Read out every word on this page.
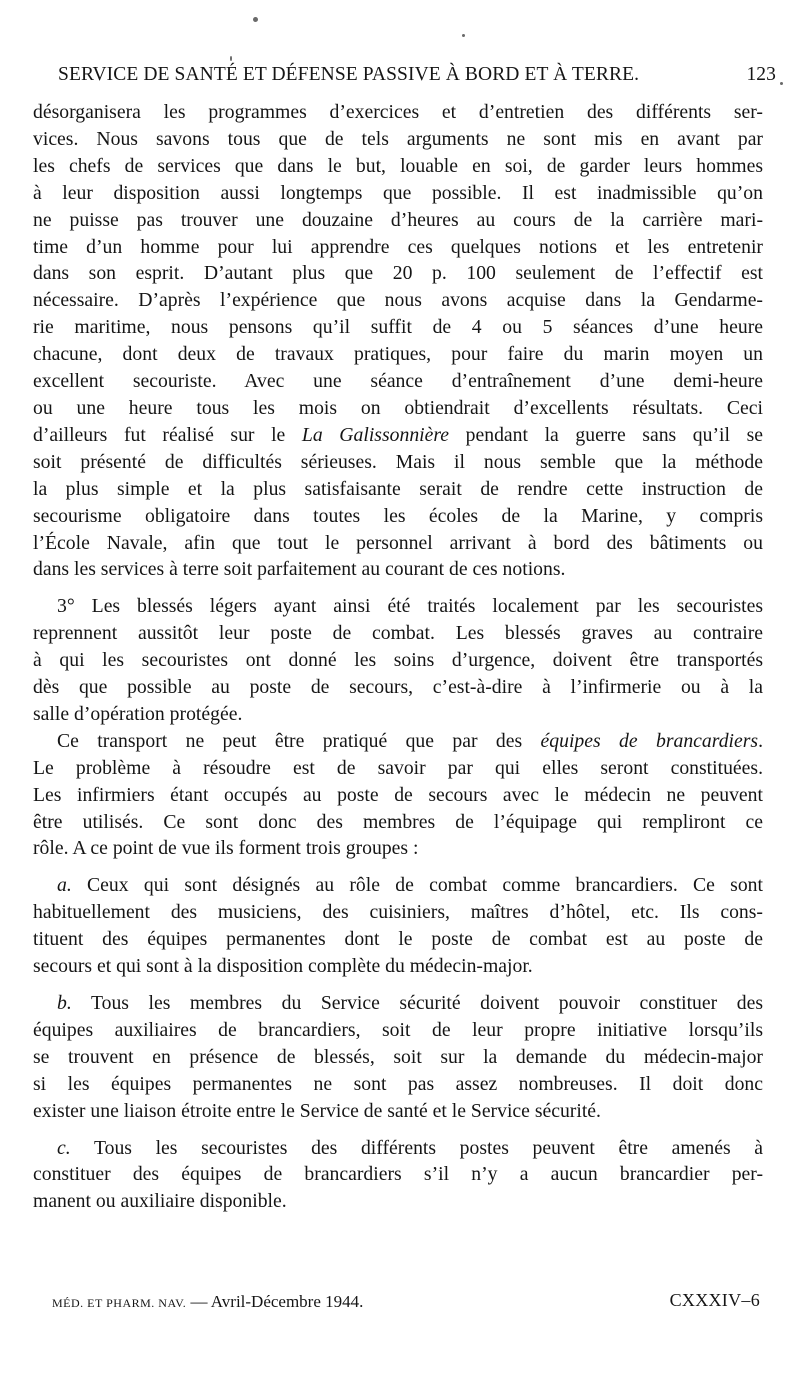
SERVICE DE SANTÉ ET DÉFENSE PASSIVE À BORD ET À TERRE.	123

désorganisera les programmes d’exercices et d’entretien des différents ser-

vices. Nous savons tous que de tels arguments ne sont mis en avant par

les chefs de services que dans le but, louable en soi, de garder leurs hommes

à leur disposition aussi longtemps que possible. Il est inadmissible qu’on

ne puisse pas trouver une douzaine d’heures au cours de la carrière mari-

time d’un homme pour lui apprendre ces quelques notions et les entretenir

dans son esprit. D’autant plus que 20 p. 100 seulement de l’effectif est

nécessaire. D’après l’expérience que nous avons acquise dans la Gendarme-

rie maritime, nous pensons qu’il suffit de 4 ou 5 séances d’une heure

chacune, dont deux de travaux pratiques, pour faire du marin moyen un

excellent secouriste. Avec une séance d’entraînement d’une demi-heure

ou une heure tous les mois on obtiendrait d’excellents résultats. Ceci

d’ailleurs fut réalisé sur le La Galissonnière pendant la guerre sans qu’il se

soit présenté de difficultés sérieuses. Mais il nous semble que la méthode

la plus simple et la plus satisfaisante serait de rendre cette instruction de

secourisme obligatoire dans toutes les écoles de la Marine, y compris

l’École Navale, afin que tout le personnel arrivant à bord des bâtiments ou

dans les services à terre soit parfaitement au courant de ces notions.

3° Les blessés légers ayant ainsi été traités localement par les secouristes

reprennent aussitôt leur poste de combat. Les blessés graves au contraire

à qui les secouristes ont donné les soins d’urgence, doivent être transportés

dès que possible au poste de secours, c’est-à-dire à l’infirmerie ou à la

salle d’opération protégée.

Ce transport ne peut être pratiqué que par des équipes de brancardiers.

Le problème à résoudre est de savoir par qui elles seront constituées.

Les infirmiers étant occupés au poste de secours avec le médecin ne peuvent

être utilisés. Ce sont donc des membres de l’équipage qui rempliront ce

rôle. A ce point de vue ils forment trois groupes :

a. Ceux qui sont désignés au rôle de combat comme brancardiers. Ce sont

habituellement des musiciens, des cuisiniers, maîtres d’hôtel, etc. Ils cons-

tituent des équipes permanentes dont le poste de combat est au poste de

secours et qui sont à la disposition complète du médecin-major.

b. Tous les membres du Service sécurité doivent pouvoir constituer des

équipes auxiliaires de brancardiers, soit de leur propre initiative lorsqu’ils

se trouvent en présence de blessés, soit sur la demande du médecin-major

si les équipes permanentes ne sont pas assez nombreuses. Il doit donc

exister une liaison étroite entre le Service de santé et le Service sécurité.

c. Tous les secouristes des différents postes peuvent être amenés à

constituer des équipes de brancardiers s’il n’y a aucun brancardier per-

manent ou auxiliaire disponible.

MÉD. ET PHARM. NAV. — Avril-Décembre 1944.	CXXXIV–6
